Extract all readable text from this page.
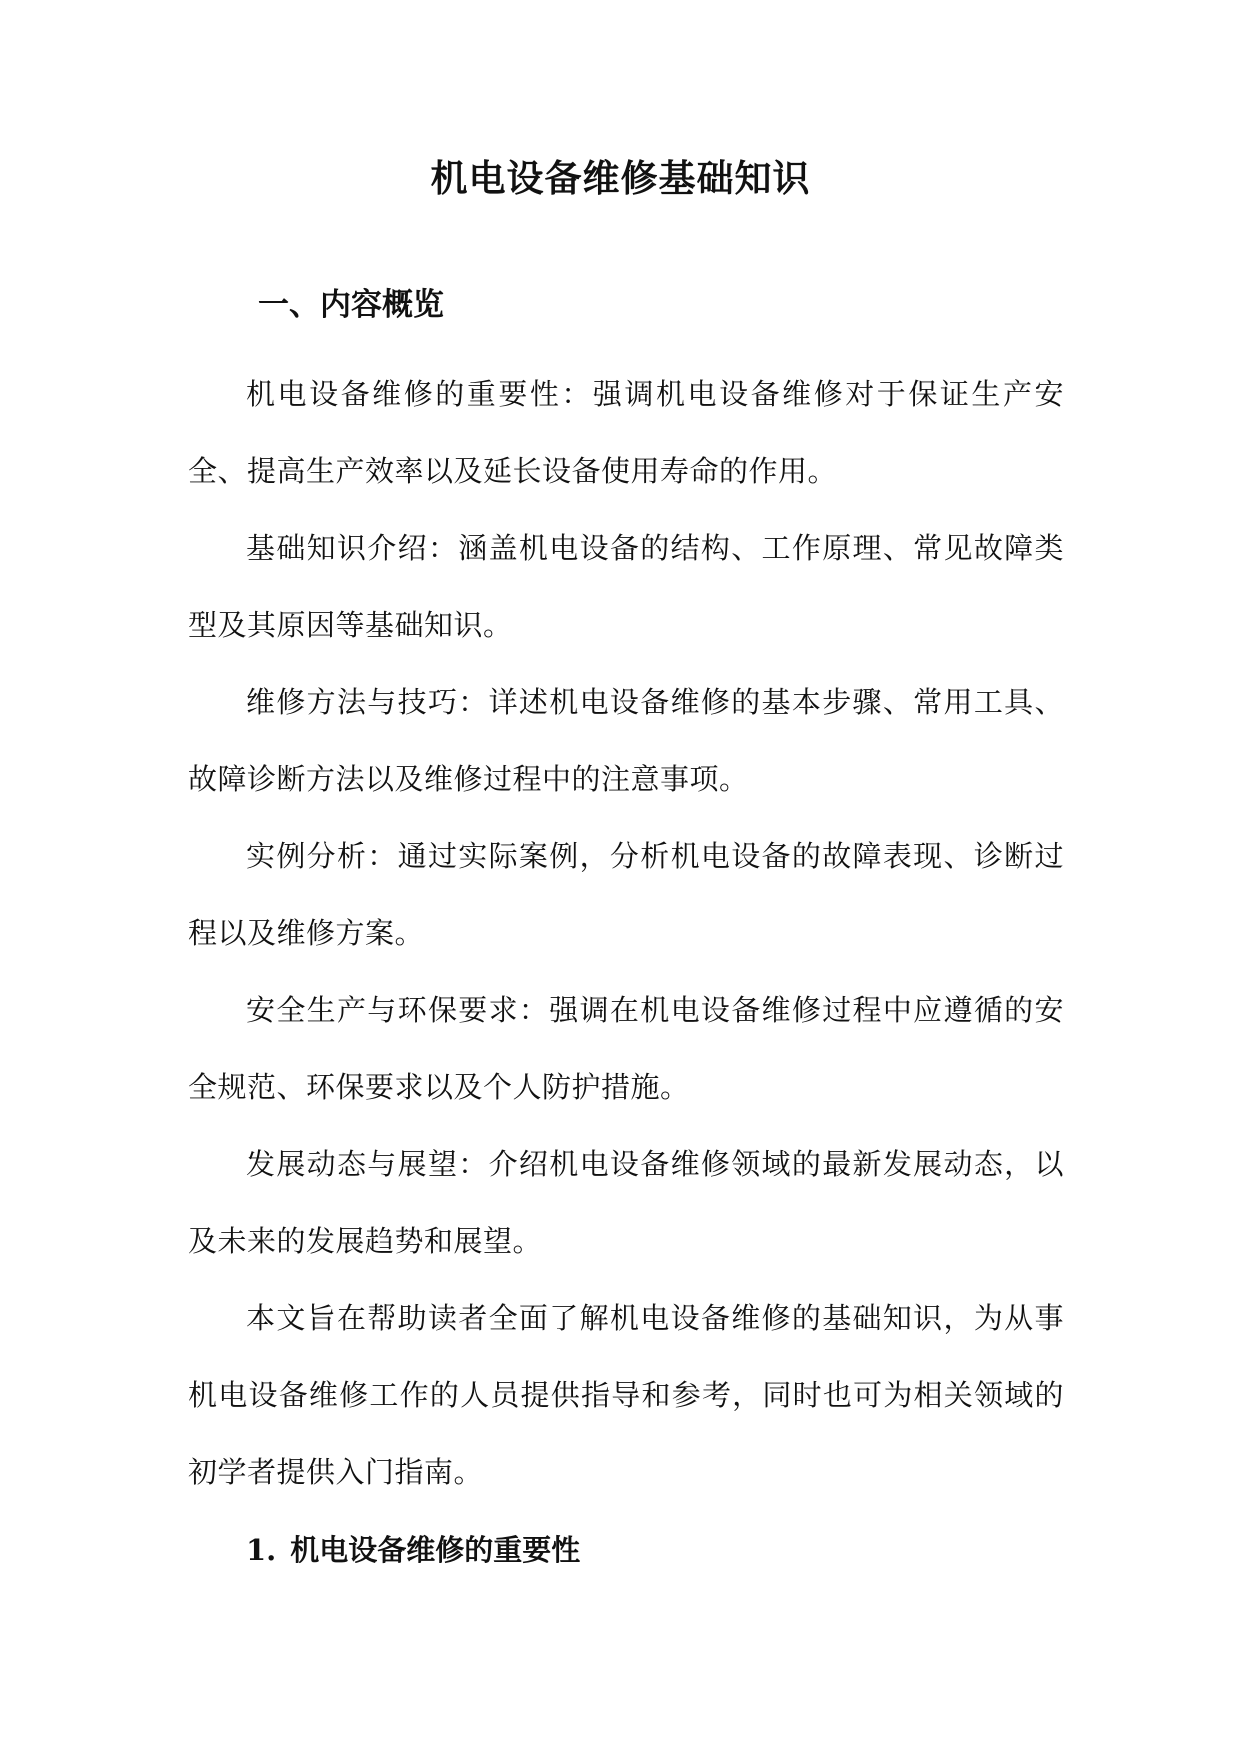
机电设备维修基础知识
一、内容概览

机电设备维修的重要性：强调机电设备维修对于保证生产安全、提高生产效率以及延长设备使用寿命的作用。

基础知识介绍：涵盖机电设备的结构、工作原理、常见故障类型及其原因等基础知识。

维修方法与技巧：详述机电设备维修的基本步骤、常用工具、故障诊断方法以及维修过程中的注意事项。

实例分析：通过实际案例，分析机电设备的故障表现、诊断过程以及维修方案。

安全生产与环保要求：强调在机电设备维修过程中应遵循的安全规范、环保要求以及个人防护措施。

发展动态与展望：介绍机电设备维修领域的最新发展动态，以及未来的发展趋势和展望。

本文旨在帮助读者全面了解机电设备维修的基础知识，为从事机电设备维修工作的人员提供指导和参考，同时也可为相关领域的初学者提供入门指南。

1. 机电设备维修的重要性
